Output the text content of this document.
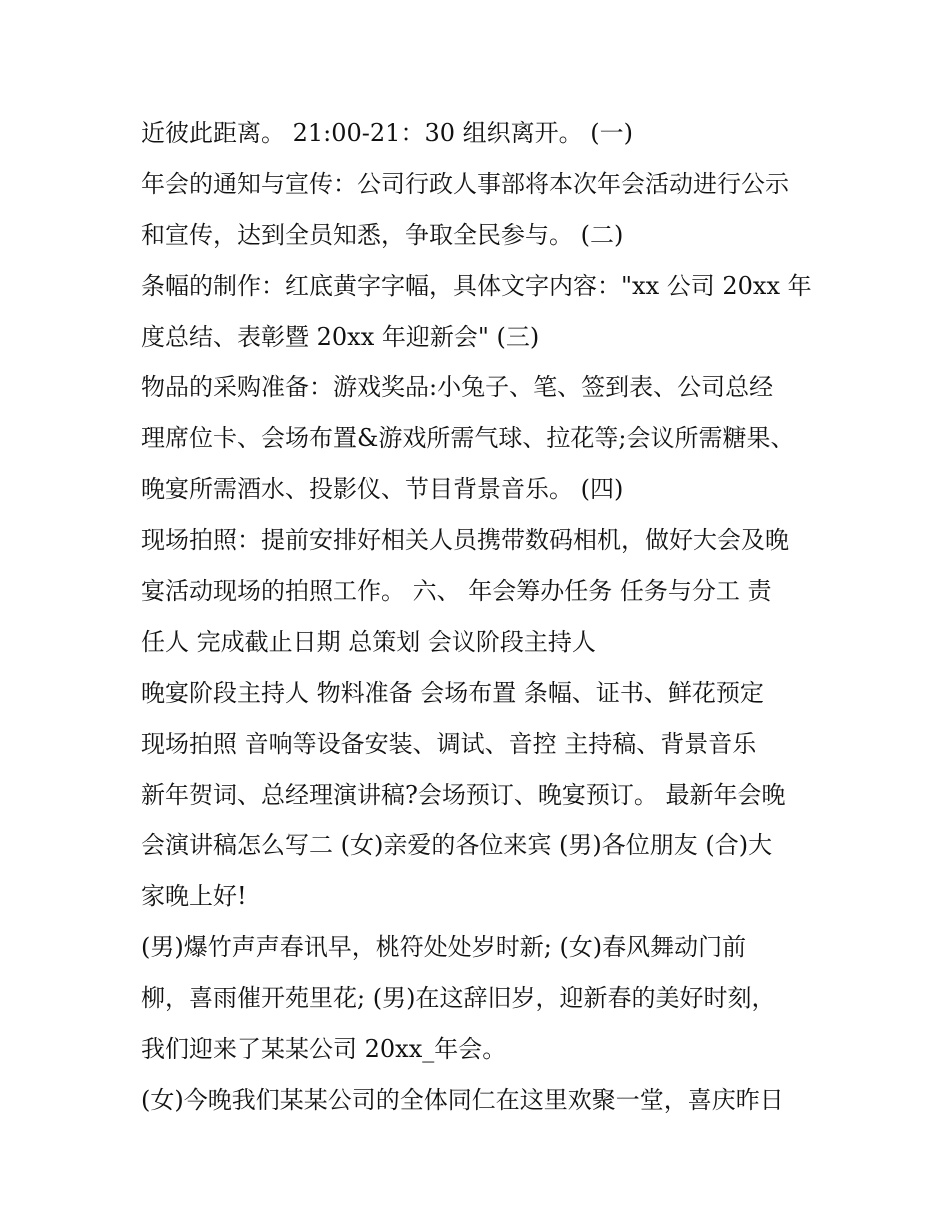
近彼此距离。 21:00-21：30 组织离开。 (一)
年会的通知与宣传：公司行政人事部将本次年会活动进行公示
和宣传，达到全员知悉，争取全民参与。 (二)
条幅的制作：红底黄字字幅，具体文字内容："xx 公司 20xx 年
度总结、表彰暨 20xx 年迎新会" (三)
物品的采购准备：游戏奖品:小兔子、笔、签到表、公司总经
理席位卡、会场布置&游戏所需气球、拉花等;会议所需糖果、
晚宴所需酒水、投影仪、节目背景音乐。 (四)
现场拍照：提前安排好相关人员携带数码相机，做好大会及晚
宴活动现场的拍照工作。 六、 年会筹办任务 任务与分工 责
任人 完成截止日期 总策划 会议阶段主持人
晚宴阶段主持人 物料准备 会场布置 条幅、证书、鲜花预定
现场拍照 音响等设备安装、调试、音控 主持稿、背景音乐
新年贺词、总经理演讲稿?会场预订、晚宴预订。 最新年会晚
会演讲稿怎么写二 (女)亲爱的各位来宾 (男)各位朋友 (合)大
家晚上好!
(男)爆竹声声春讯早，桃符处处岁时新; (女)春风舞动门前
柳，喜雨催开苑里花; (男)在这辞旧岁，迎新春的美好时刻，
我们迎来了某某公司 20xx_年会。
(女)今晚我们某某公司的全体同仁在这里欢聚一堂，喜庆昨日
